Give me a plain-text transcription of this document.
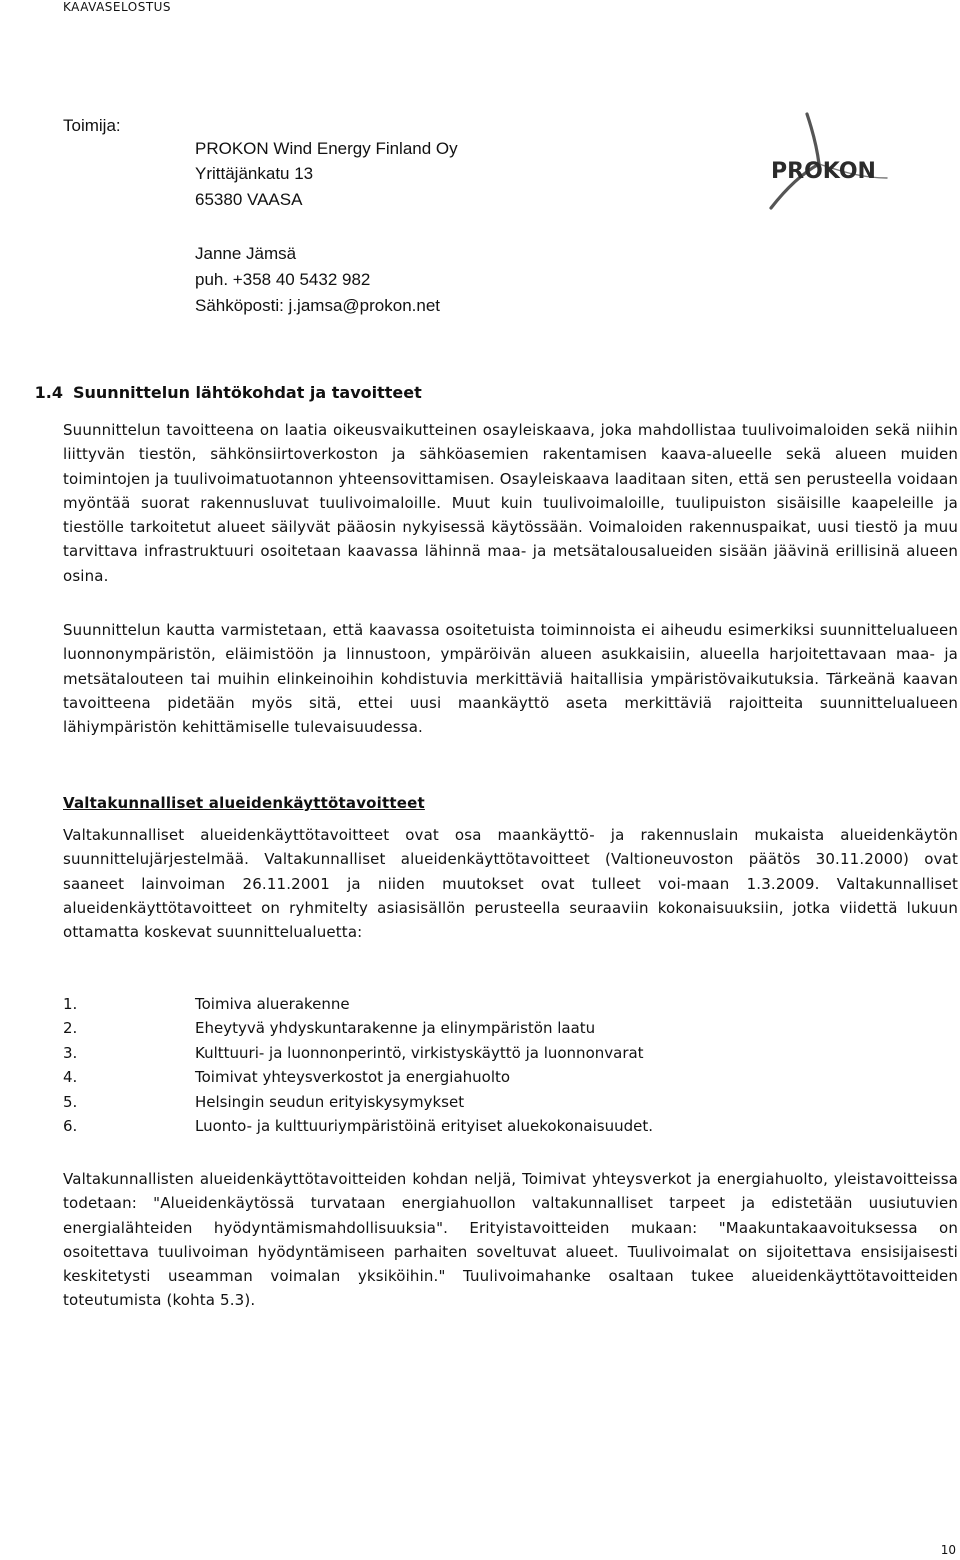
KAAVASELOSTUS
Toimija:
PROKON Wind Energy Finland Oy
Yrittäjänkatu 13
65380 VAASA
Janne Jämsä
puh. +358 40 5432 982
Sähköposti: j.jamsa@prokon.net
PROKON
1.4 Suunnittelun lähtökohdat ja tavoitteet
Suunnittelun tavoitteena on laatia oikeusvaikutteinen osayleiskaava, joka mahdollistaa tuulivoimaloiden sekä niihin liittyvän tiestön, sähkönsiirtoverkoston ja sähköasemien rakentamisen kaava-alueelle sekä alueen muiden toimintojen ja tuulivoimatuotannon yhteensovittamisen. Osayleiskaava laaditaan siten, että sen perusteella voidaan myöntää suorat rakennusluvat tuulivoimaloille. Muut kuin tuulivoimaloille, tuulipuiston sisäisille kaapeleille ja tiestölle tarkoitetut alueet säilyvät pääosin nykyisessä käytössään. Voimaloiden rakennuspaikat, uusi tiestö ja muu tarvittava infrastruktuuri osoitetaan kaavassa lähinnä maa- ja metsätalousalueiden sisään jäävinä erillisinä alueen osina.
Suunnittelun kautta varmistetaan, että kaavassa osoitetuista toiminnoista ei aiheudu esimerkiksi suunnittelualueen luonnonympäristön, eläimistöön ja linnustoon, ympäröivän alueen asukkaisiin, alueella harjoitettavaan maa- ja metsätalouteen tai muihin elinkeinoihin kohdistuvia merkittäviä haitallisia ympäristövaikutuksia. Tärkeänä kaavan tavoitteena pidetään myös sitä, ettei uusi maankäyttö aseta merkittäviä rajoitteita suunnittelualueen lähiympäristön kehittämiselle tulevaisuudessa.
Valtakunnalliset alueidenkäyttötavoitteet
Valtakunnalliset alueidenkäyttötavoitteet ovat osa maankäyttö- ja rakennuslain mukaista alueidenkäytön suunnittelujärjestelmää. Valtakunnalliset alueidenkäyttötavoitteet (Valtioneuvoston päätös 30.11.2000) ovat saaneet lainvoiman 26.11.2001 ja niiden muutokset ovat tulleet voi-maan 1.3.2009. Valtakunnalliset alueidenkäyttötavoitteet on ryhmitelty asiasisällön perusteella seuraaviin kokonaisuuksiin, jotka viidettä lukuun ottamatta koskevat suunnittelualuetta:
1.	Toimiva aluerakenne
2.	Eheytyvä yhdyskuntarakenne ja elinympäristön laatu
3.	Kulttuuri- ja luonnonperintö, virkistyskäyttö ja luonnonvarat
4.	Toimivat yhteysverkostot ja energiahuolto
5.	Helsingin seudun erityiskysymykset
6.	Luonto- ja kulttuuriympäristöinä erityiset aluekokonaisuudet.
Valtakunnallisten alueidenkäyttötavoitteiden kohdan neljä, Toimivat yhteysverkot ja energiahuolto, yleistavoitteissa todetaan: "Alueidenkäytössä turvataan energiahuollon valtakunnalliset tarpeet ja edistetään uusiutuvien energialähteiden hyödyntämismahdollisuuksia". Erityistavoitteiden mukaan: "Maakuntakaavoituksessa on osoitettava tuulivoiman hyödyntämiseen parhaiten soveltuvat alueet. Tuulivoimalat on sijoitettava ensisijaisesti keskitetysti useamman voimalan yksiköihin." Tuulivoimahanke osaltaan tukee alueidenkäyttötavoitteiden toteutumista (kohta 5.3).
10
